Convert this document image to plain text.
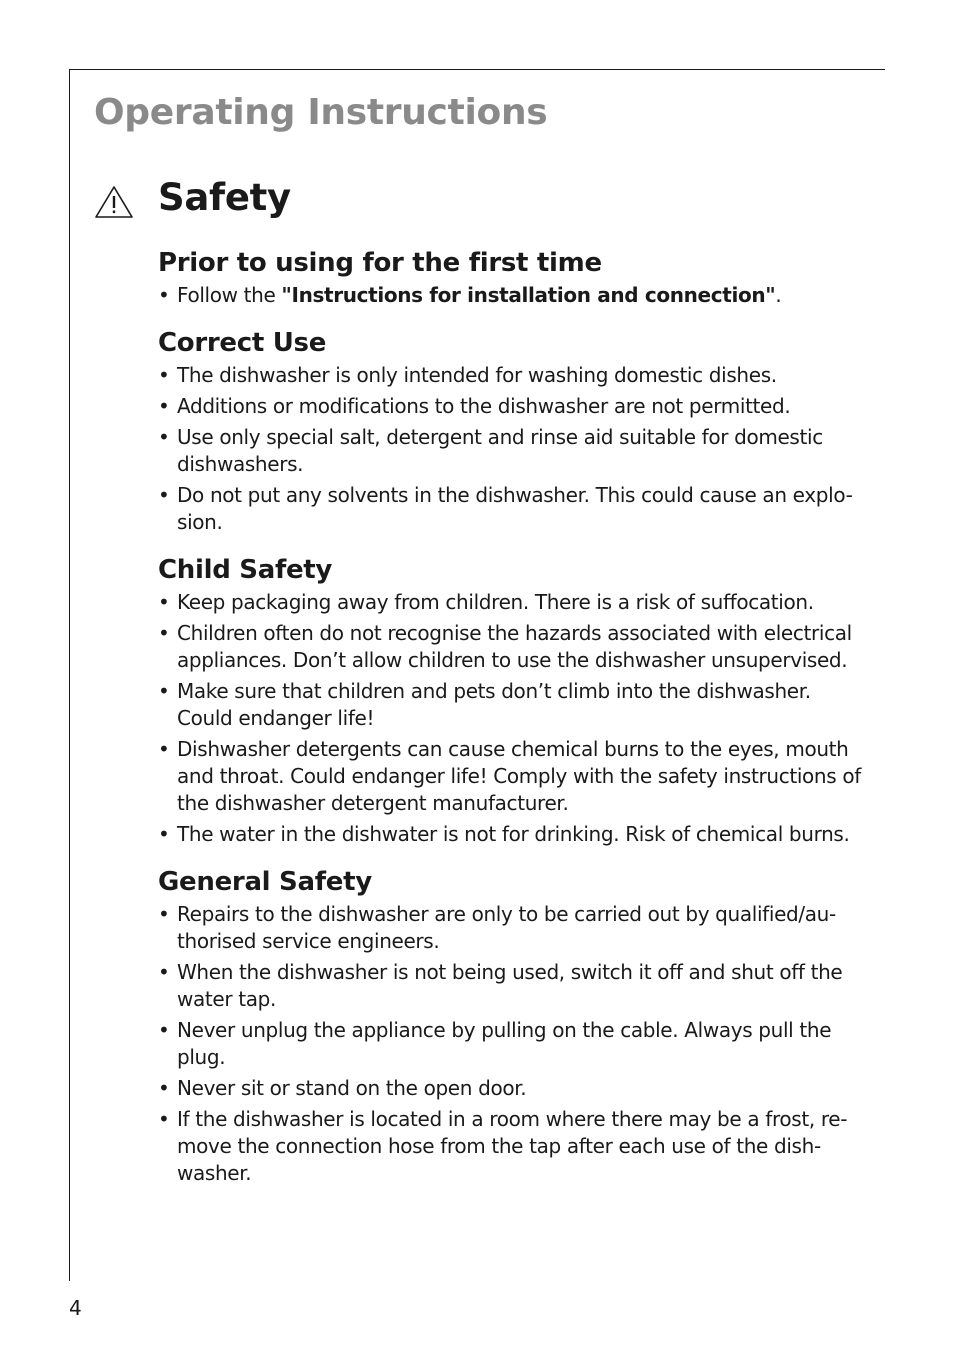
Operating Instructions
Safety
Prior to using for the first time
• Follow the "Instructions for installation and connection".
Correct Use
• The dishwasher is only intended for washing domestic dishes.
• Additions or modifications to the dishwasher are not permitted.
• Use only special salt, detergent and rinse aid suitable for domestic dishwashers.
• Do not put any solvents in the dishwasher. This could cause an explo-sion.
Child Safety
• Keep packaging away from children. There is a risk of suffocation.
• Children often do not recognise the hazards associated with electrical appliances. Don’t allow children to use the dishwasher unsupervised.
• Make sure that children and pets don’t climb into the dishwasher. Could endanger life!
• Dishwasher detergents can cause chemical burns to the eyes, mouth and throat. Could endanger life! Comply with the safety instructions of the dishwasher detergent manufacturer.
• The water in the dishwater is not for drinking. Risk of chemical burns.
General Safety
• Repairs to the dishwasher are only to be carried out by qualified/au-thorised service engineers.
• When the dishwasher is not being used, switch it off and shut off the water tap.
• Never unplug the appliance by pulling on the cable. Always pull the plug.
• Never sit or stand on the open door.
• If the dishwasher is located in a room where there may be a frost, re-move the connection hose from the tap after each use of the dish-washer.
4
